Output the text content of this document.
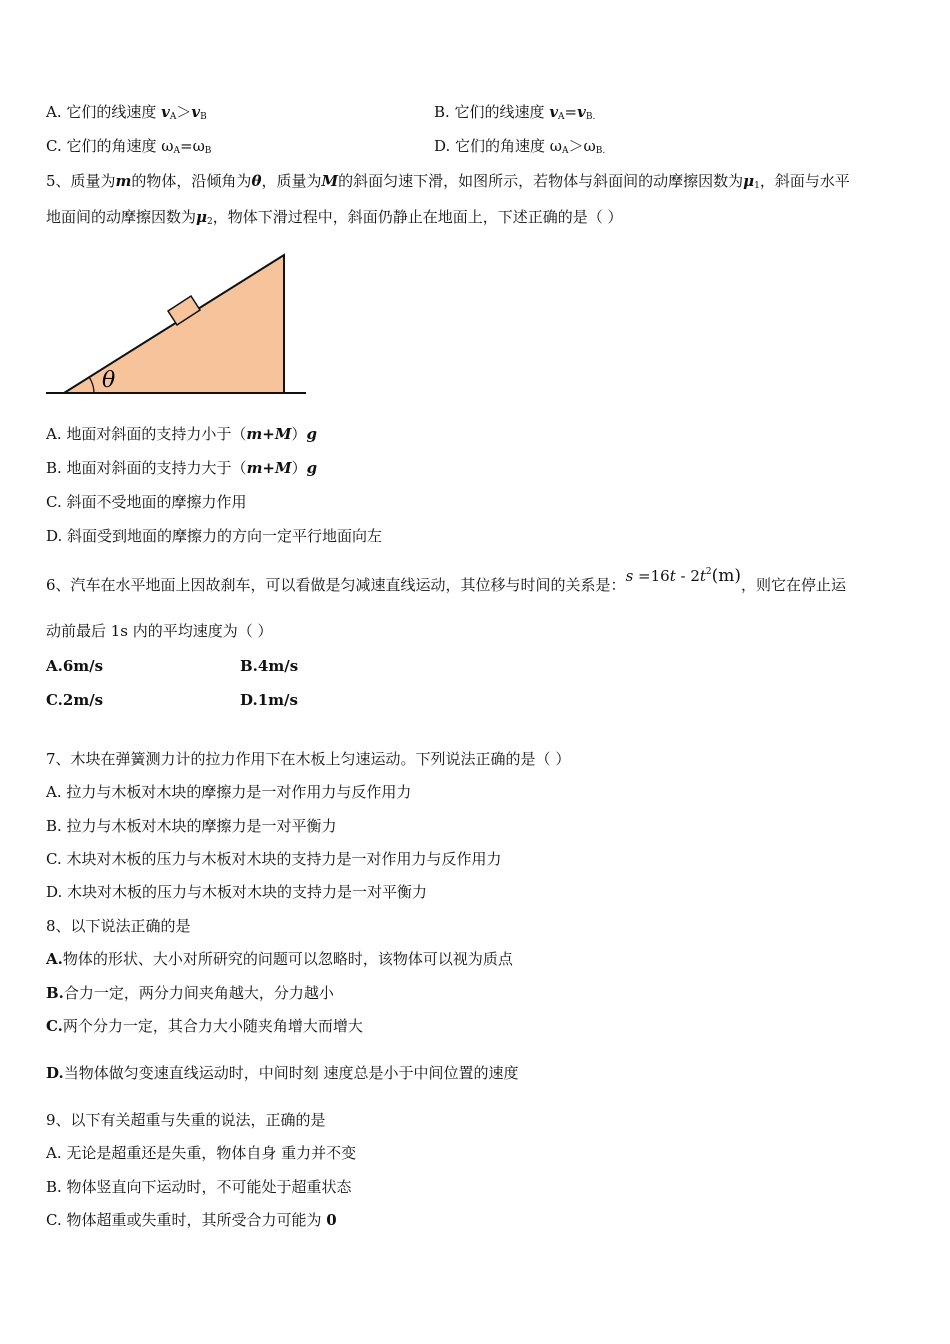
A. 它们的线速度 $v_A>v_B$	B. 它们的线速度 $v_A=v_{B.}$
C. 它们的角速度 $\omega_A=\omega_B$	D. 它们的角速度 $\omega_A>\omega_{B.}$
5、质量为m的物体，沿倾角为θ，质量为M的斜面匀速下滑，如图所示，若物体与斜面间的动摩擦因数为$\mu_1$，斜面与水平
地面间的动摩擦因数为$\mu_2$，物体下滑过程中，斜面仍静止在地面上，下述正确的是（ ）
θ
A. 地面对斜面的支持力小于（m+M）g
B. 地面对斜面的支持力大于（m+M）g
C. 斜面不受地面的摩擦力作用
D. 斜面受到地面的摩擦力的方向一定平行地面向左
6、汽车在水平地面上因故刹车，可以看做是匀减速直线运动，其位移与时间的关系是：$s =16t - 2t^2(m)$，则它在停止运
动前最后 1s 内的平均速度为（ ）
A.6m/s	B.4m/s
C.2m/s	D.1m/s
7、木块在弹簧测力计的拉力作用下在木板上匀速运动。下列说法正确的是（ ）
A. 拉力与木板对木块的摩擦力是一对作用力与反作用力
B. 拉力与木板对木块的摩擦力是一对平衡力
C. 木块对木板的压力与木板对木块的支持力是一对作用力与反作用力
D. 木块对木板的压力与木板对木块的支持力是一对平衡力
8、以下说法正确的是
A.物体的形状、大小对所研究的问题可以忽略时，该物体可以视为质点
B.合力一定，两分力间夹角越大，分力越小
C.两个分力一定，其合力大小随夹角增大而增大
D.当物体做匀变速直线运动时，中间时刻 速度总是小于中间位置的速度
9、以下有关超重与失重的说法，正确的是
A. 无论是超重还是失重，物体自身 重力并不变
B. 物体竖直向下运动时，不可能处于超重状态
C. 物体超重或失重时，其所受合力可能为 0
